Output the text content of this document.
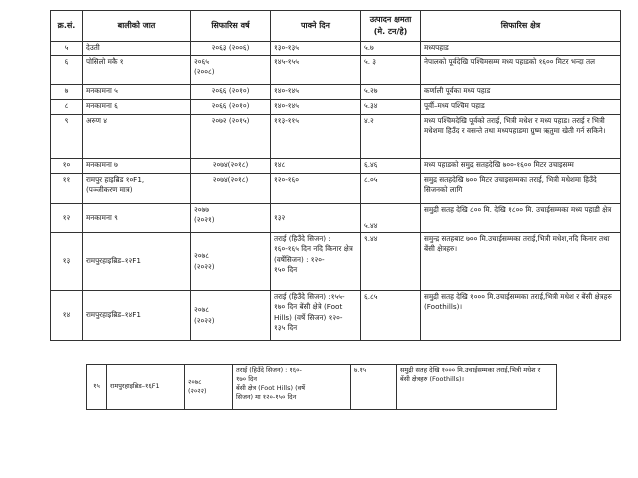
क्र.सं.	बालीको जात	सिफारिस वर्ष	पाक्ने दिन	उत्पादन क्षमता
(मे. टन/हे)	सिफारिस क्षेत्र
५	देउती	२०६३ (२००६)	१३०-१३५	५.७	मध्यपहाड
६	पोसिलो मकै १	२०६५
(२००८)	१४५-१५५	५. ३	नेपालको पूर्वदेखि पश्चिमसम्म मध्य पहाडको १६०० मिटर भन्दा तल
७	मनकामना ५	२०६६ (२०१०)	१४०-१४५	५.२७	कर्णाली पूर्वका मध्य पहाड
८	मनकामना ६	२०६६ (२०१०)	१४०-१४५	५.३४	पूर्वी–मध्य पश्चिम पहाड
९	अरुण ४	२०७२ (२०१५)	११३-११५	४.२	मध्य पश्चिमदेखि पूर्वको तराई, भित्री मधेश र मध्य पहाड। तराई र भित्री मधेशमा हिउँद र वसन्ते तथा मध्यपहाडमा ग्रुष्म ऋतुमा खेती गर्न सकिने।
१०	मनकामना ७	२०७४(२०१८)	१४८	६.४६	मध्य पहाडको समुद्र सतहदेखि ७००-१६०० मिटर उचाइसम्म
११	रामपुर हाइब्रिड १०F1,
(पञ्जीकरण मात्र)	२०७४(२०१८)	१२०-१६०	८.०५	समुद्र सतहदेखि ७०० मिटर उचाइसम्मका तराई, भित्री मधेशमा हिउँदे सिजनको लागि
१२	मनकामना ९	२०७७
(२०२१)	१३२	५.४४	समुद्री सतह देखि ८०० मि. देखि १८०० मि. उचाईसम्मका मध्य पहाडी क्षेत्र
१३	रामपुरहाइब्रिड–१२F1	२०७८
(२०२२)	तराई (हिउँदे सिजन) :
१६०-१६५ दिन नदि किनार क्षेत्र (वर्षेसिजन) : १२०-
१५० दिन	९.४४	समुन्द्र सतहबाट ७०० मि.उचाईसम्मका तराई,भित्री मधेश,नदि किनार तथा बेंसी क्षेत्रहरु।
१४	रामपुरहाइब्रिड–१४F1	२०७८
(२०२२)	तराई (हिउँदे सिजन) :१५५-
१७० दिन बेंसी क्षेत्रे (Foot
Hills) (वर्षे सिजन) १२०-
१३५ दिन	६.८५	समुद्री सतह देखि १००० मि.उचाईसम्मका तराई,भित्री मधेश र बेंसी क्षेत्रहरु (Foothills)।
१५	रामपुरहाइब्रिड–१६F1	२०७८
(२०२२)	तराई (हिउँदे सिजन) : १६०-
१७० दिन
बेंसी क्षेत्र (Foot Hills) (वर्षे
सिजन) मा १२०-१५० दिन	७.१५	समुद्री सतह देखि १००० मि.उचाईसम्मका तराई,भित्री मधेश र
बेंसी क्षेत्रहरु (Foothills)।
